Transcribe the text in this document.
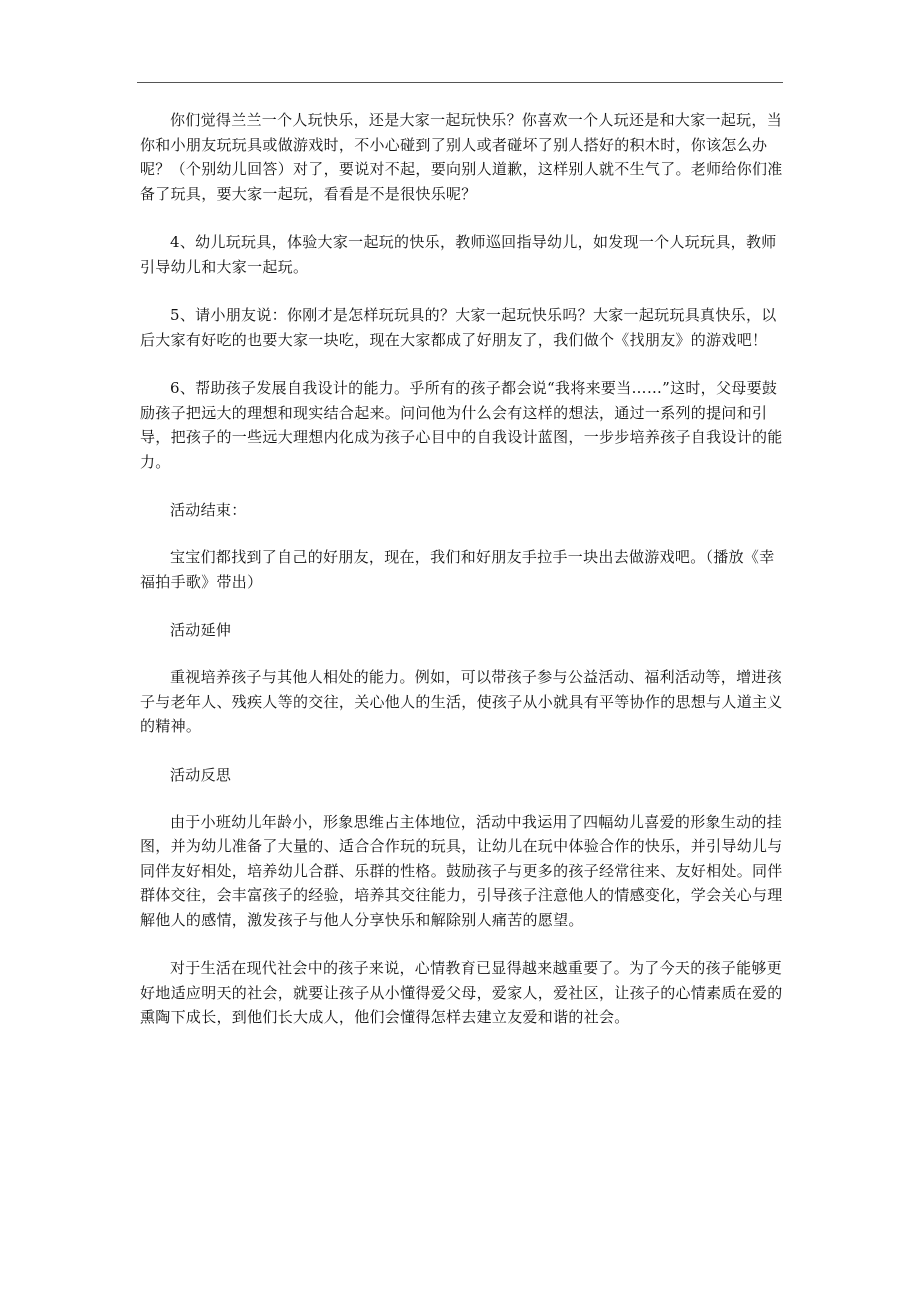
你们觉得兰兰一个人玩快乐，还是大家一起玩快乐？你喜欢一个人玩还是和大家一起玩，当你和小朋友玩玩具或做游戏时，不小心碰到了别人或者碰坏了别人搭好的积木时，你该怎么办呢？（个别幼儿回答）对了，要说对不起，要向别人道歉，这样别人就不生气了。老师给你们准备了玩具，要大家一起玩，看看是不是很快乐呢？

4、幼儿玩玩具，体验大家一起玩的快乐，教师巡回指导幼儿，如发现一个人玩玩具，教师引导幼儿和大家一起玩。

5、请小朋友说：你刚才是怎样玩玩具的？大家一起玩快乐吗？大家一起玩玩具真快乐，以后大家有好吃的也要大家一块吃，现在大家都成了好朋友了，我们做个《找朋友》的游戏吧！

6、帮助孩子发展自我设计的能力。乎所有的孩子都会说“我将来要当……”这时，父母要鼓励孩子把远大的理想和现实结合起来。问问他为什么会有这样的想法，通过一系列的提问和引导，把孩子的一些远大理想内化成为孩子心目中的自我设计蓝图，一步步培养孩子自我设计的能力。

活动结束：

宝宝们都找到了自己的好朋友，现在，我们和好朋友手拉手一块出去做游戏吧。（播放《幸福拍手歌》带出）

活动延伸

重视培养孩子与其他人相处的能力。例如，可以带孩子参与公益活动、福利活动等，增进孩子与老年人、残疾人等的交往，关心他人的生活，使孩子从小就具有平等协作的思想与人道主义的精神。

活动反思

由于小班幼儿年龄小，形象思维占主体地位，活动中我运用了四幅幼儿喜爱的形象生动的挂图，并为幼儿准备了大量的、适合合作玩的玩具，让幼儿在玩中体验合作的快乐，并引导幼儿与同伴友好相处，培养幼儿合群、乐群的性格。鼓励孩子与更多的孩子经常往来、友好相处。同伴群体交往，会丰富孩子的经验，培养其交往能力，引导孩子注意他人的情感变化，学会关心与理解他人的感情，激发孩子与他人分享快乐和解除别人痛苦的愿望。

对于生活在现代社会中的孩子来说，心情教育已显得越来越重要了。为了今天的孩子能够更好地适应明天的社会，就要让孩子从小懂得爱父母，爱家人，爱社区，让孩子的心情素质在爱的熏陶下成长，到他们长大成人，他们会懂得怎样去建立友爱和谐的社会。
